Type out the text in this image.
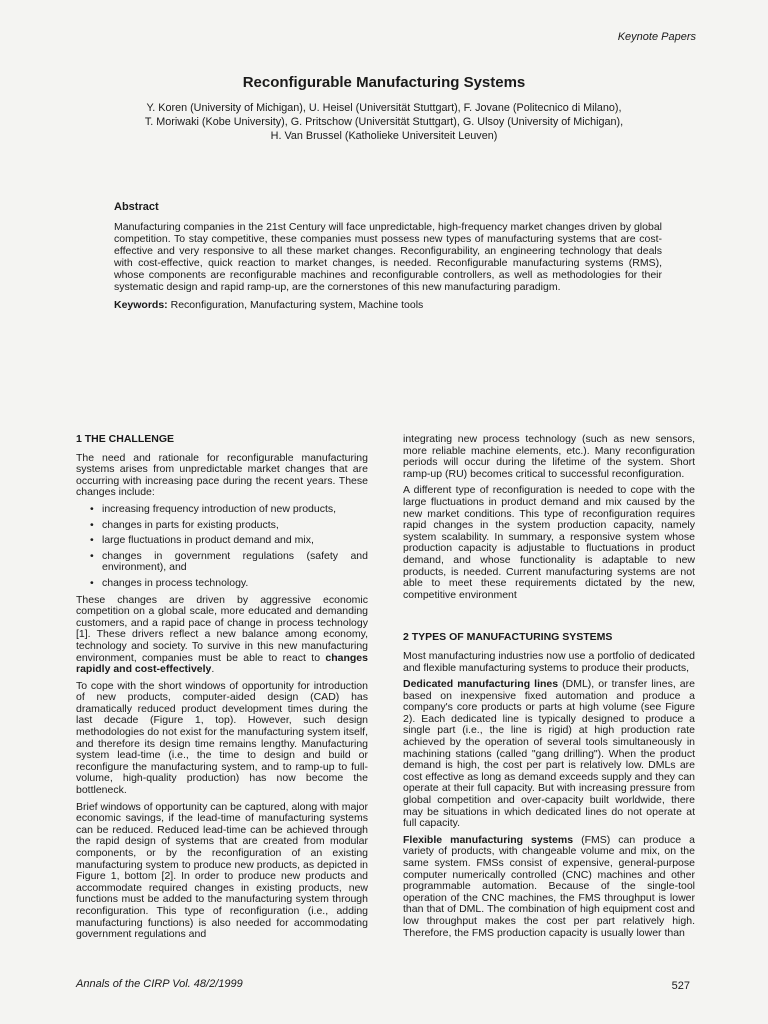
Keynote Papers
Reconfigurable Manufacturing Systems
Y. Koren (University of Michigan), U. Heisel (Universität Stuttgart), F. Jovane (Politecnico di Milano),
T. Moriwaki (Kobe University), G. Pritschow (Universität Stuttgart), G. Ulsoy (University of Michigan),
H. Van Brussel (Katholieke Universiteit Leuven)
Abstract

Manufacturing companies in the 21st Century will face unpredictable, high-frequency market changes driven by global competition. To stay competitive, these companies must possess new types of manufacturing systems that are cost-effective and very responsive to all these market changes. Reconfigurability, an engineering technology that deals with cost-effective, quick reaction to market changes, is needed. Reconfigurable manufacturing systems (RMS), whose components are reconfigurable machines and reconfigurable controllers, as well as methodologies for their systematic design and rapid ramp-up, are the cornerstones of this new manufacturing paradigm.

Keywords: Reconfiguration, Manufacturing system, Machine tools

1 THE CHALLENGE

The need and rationale for reconfigurable manufacturing systems arises from unpredictable market changes that are occurring with increasing pace during the recent years. These changes include:

• increasing frequency introduction of new products,
• changes in parts for existing products,
• large fluctuations in product demand and mix,
• changes in government regulations (safety and environment), and
• changes in process technology.

These changes are driven by aggressive economic competition on a global scale, more educated and demanding customers, and a rapid pace of change in process technology [1]. These drivers reflect a new balance among economy, technology and society. To survive in this new manufacturing environment, companies must be able to react to changes rapidly and cost-effectively.

To cope with the short windows of opportunity for introduction of new products, computer-aided design (CAD) has dramatically reduced product development times during the last decade (Figure 1, top). However, such design methodologies do not exist for the manufacturing system itself, and therefore its design time remains lengthy. Manufacturing system lead-time (i.e., the time to design and build or reconfigure the manufacturing system, and to ramp-up to full-volume, high-quality production) has now become the bottleneck.

Brief windows of opportunity can be captured, along with major economic savings, if the lead-time of manufacturing systems can be reduced. Reduced lead-time can be achieved through the rapid design of systems that are created from modular components, or by the reconfiguration of an existing manufacturing system to produce new products, as depicted in Figure 1, bottom [2]. In order to produce new products and accommodate required changes in existing products, new functions must be added to the manufacturing system through reconfiguration. This type of reconfiguration (i.e., adding manufacturing functions) is also needed for accommodating government regulations and

integrating new process technology (such as new sensors, more reliable machine elements, etc.). Many reconfiguration periods will occur during the lifetime of the system. Short ramp-up (RU) becomes critical to successful reconfiguration.

A different type of reconfiguration is needed to cope with the large fluctuations in product demand and mix caused by the new market conditions. This type of reconfiguration requires rapid changes in the system production capacity, namely system scalability. In summary, a responsive system whose production capacity is adjustable to fluctuations in product demand, and whose functionality is adaptable to new products, is needed. Current manufacturing systems are not able to meet these requirements dictated by the new, competitive environment

2 TYPES OF MANUFACTURING SYSTEMS

Most manufacturing industries now use a portfolio of dedicated and flexible manufacturing systems to produce their products,

Dedicated manufacturing lines (DML), or transfer lines, are based on inexpensive fixed automation and produce a company's core products or parts at high volume (see Figure 2). Each dedicated line is typically designed to produce a single part (i.e., the line is rigid) at high production rate achieved by the operation of several tools simultaneously in machining stations (called "gang drilling"). When the product demand is high, the cost per part is relatively low. DMLs are cost effective as long as demand exceeds supply and they can operate at their full capacity. But with increasing pressure from global competition and over-capacity built worldwide, there may be situations in which dedicated lines do not operate at full capacity.

Flexible manufacturing systems (FMS) can produce a variety of products, with changeable volume and mix, on the same system. FMSs consist of expensive, general-purpose computer numerically controlled (CNC) machines and other programmable automation. Because of the single-tool operation of the CNC machines, the FMS throughput is lower than that of DML. The combination of high equipment cost and low throughput makes the cost per part relatively high. Therefore, the FMS production capacity is usually lower than

Annals of the CIRP Vol. 48/2/1999	527
